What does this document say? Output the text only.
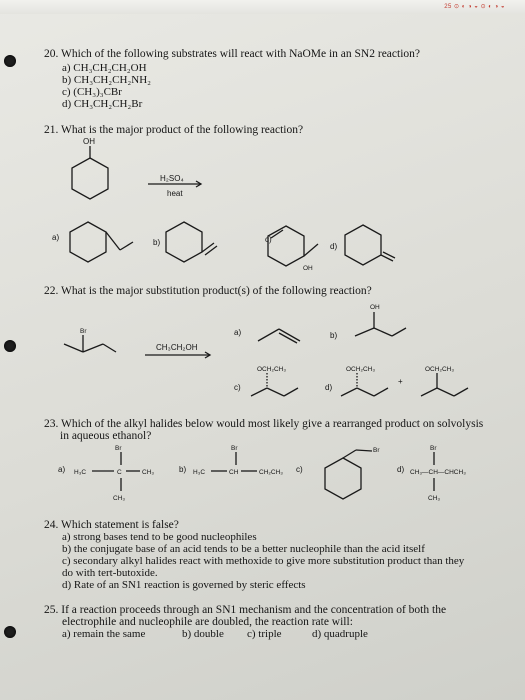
25 ⊙ ◐ ◑ ◒ ⊙ ◐ ◑ ◒
20. Which of the following substrates will react with NaOMe in an SN2 reaction?
a) CH₃CH₂CH₂OH
b) CH₃CH₂CH₂NH₂
c) (CH₃)₃CBr
d) CH₃CH₂CH₂Br
21. What is the major product of the following reaction?
OH
H₂SO₄
heat
a)
b)	c)
d)
OH
22. What is the major substitution product(s) of the following reaction?
Br
CH₃CH₂OH
a)	b)
OH
OCH₂CH₃
c)
OCH₂CH₃
d)
+
OCH₂CH₃
23. Which of the alkyl halides below would most likely give a rearranged product on solvolysis
in aqueous ethanol?
Br
a) H₃C	C	CH₃
CH₃
Br
b) H₃C	CH	CH₂CH₃ c)
Br	Br
d) CH₃—CH—CHCH₃
CH₃
24. Which statement is false?
a) strong bases tend to be good nucleophiles
b) the conjugate base of an acid tends to be a better nucleophile than the acid itself
c) secondary alkyl halides react with methoxide to give more substitution product than they
do with tert-butoxide.
d) Rate of an SN1 reaction is governed by steric effects
25. If a reaction proceeds through an SN1 mechanism and the concentration of both the
electrophile and nucleophile are doubled, the reaction rate will:
a) remain the same	b) double c) triple	d) quadruple
